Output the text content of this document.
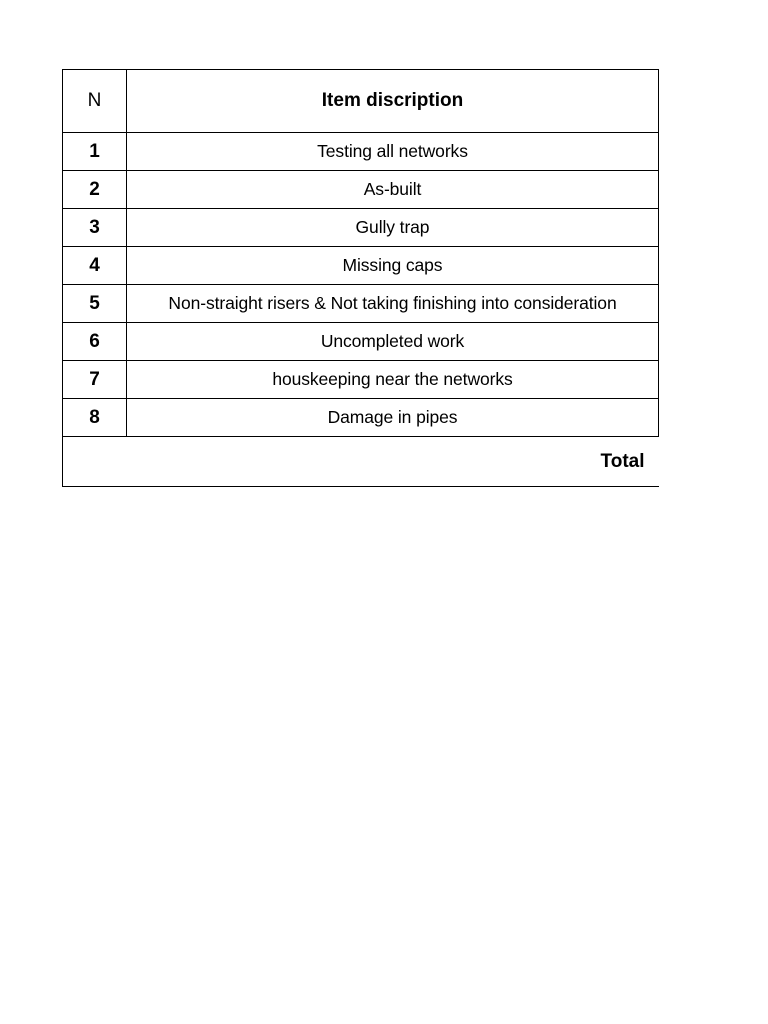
N	Item discription
1	Testing all networks
2	As-built
3	Gully trap
4	Missing caps
5	Non-straight risers & Not taking finishing into consideration
6	Uncompleted work
7	houskeeping near the networks
8	Damage in pipes
Total	
